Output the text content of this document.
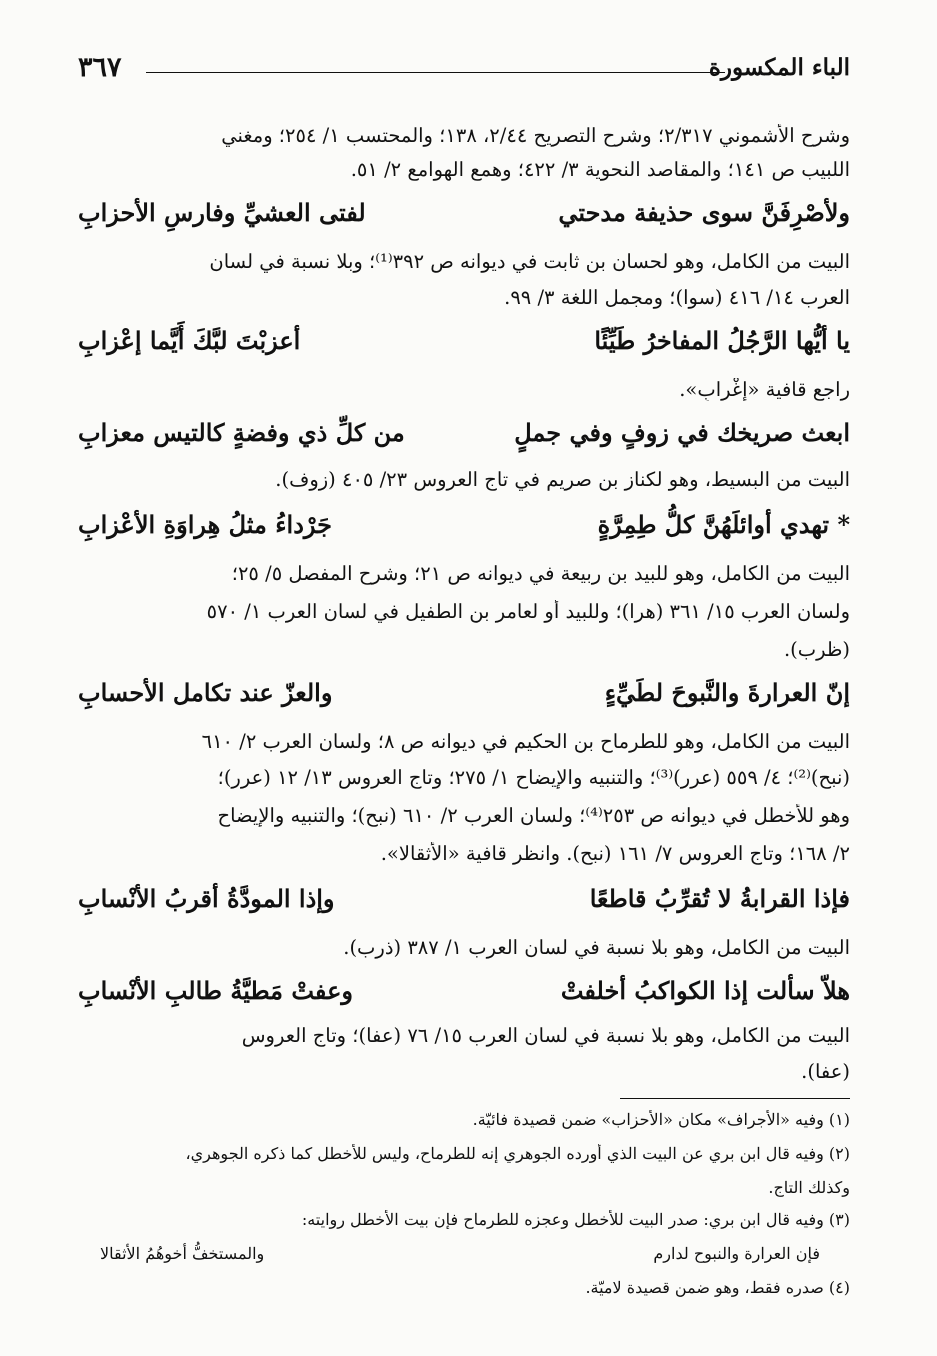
الباء المكسورة
٣٦٧
وشرح الأشموني ٢/٣١٧؛ وشرح التصريح ٢/٤٤، ١٣٨؛ والمحتسب ١/ ٢٥٤؛ ومغني
اللبيب ص ١٤١؛ والمقاصد النحوية ٣/ ٤٢٢؛ وهمع الهوامع ٢/ ٥١.
ولأصْرِفَنَّ سوى حذيفة مدحتي
لفتى العشيِّ وفارسِ الأحزابِ
البيت من الكامل، وهو لحسان بن ثابت في ديوانه ص ٣٩٢⁽¹⁾؛ وبلا نسبة في لسان
العرب ١٤/ ٤١٦ (سوا)؛ ومجمل اللغة ٣/ ٩٩.
يا أيُّها الرَّجُلُ المفاخرُ طَيِّئًا
أعزبْتَ لبَّكَ أَيَّما إعْزابِ
راجع قافية «إغْرابِ».
ابعث صريخك في زوفٍ وفي جملٍ
من كلِّ ذي وفضةٍ كالتيس معزابِ
البيت من البسيط، وهو لكناز بن صريم في تاج العروس ٢٣/ ٤٠٥ (زوف).
* تهدي أوائلَهُنَّ كلُّ طِمِرَّةٍ
جَرْداءُ مثلُ هِراوَةِ الأعْزابِ
البيت من الكامل، وهو للبيد بن ربيعة في ديوانه ص ٢١؛ وشرح المفصل ٥/ ٢٥؛
ولسان العرب ١٥/ ٣٦١ (هرا)؛ وللبيد أو لعامر بن الطفيل في لسان العرب ١/ ٥٧٠
(ظرب).
إنّ العرارةَ والنَّبوحَ لطَيِّءٍ
والعزّ عند تكامل الأحسابِ
البيت من الكامل، وهو للطرماح بن الحكيم في ديوانه ص ٨؛ ولسان العرب ٢/ ٦١٠
(نبح)⁽²⁾؛ ٤/ ٥٥٩ (عرر)⁽³⁾؛ والتنبيه والإيضاح ١/ ٢٧٥؛ وتاج العروس ١٣/ ١٢ (عرر)؛
وهو للأخطل في ديوانه ص ٢٥٣⁽⁴⁾؛ ولسان العرب ٢/ ٦١٠ (نبح)؛ والتنبيه والإيضاح
٢/ ١٦٨؛ وتاج العروس ٧/ ١٦١ (نبح). وانظر قافية «الأثقالا».
فإذا القرابةُ لا تُقرِّبُ قاطعًا
وإذا المودَّةُ أقربُ الأنْسابِ
البيت من الكامل، وهو بلا نسبة في لسان العرب ١/ ٣٨٧ (ذرب).
هلاّ سألت إذا الكواكبُ أخلفتْ
وعفتْ مَطيَّةُ طالبِ الأنْسابِ
البيت من الكامل، وهو بلا نسبة في لسان العرب ١٥/ ٧٦ (عفا)؛ وتاج العروس
(عفا).
(١) وفيه «الأجراف» مكان «الأحزاب» ضمن قصيدة فائيّة.
(٢) وفيه قال ابن بري عن البيت الذي أورده الجوهري إنه للطرماح، وليس للأخطل كما ذكره الجوهري،
وكذلك التاج.
(٣) وفيه قال ابن بري: صدر البيت للأخطل وعجزه للطرماح فإن بيت الأخطل روايته:
فإن العرارة والنبوح لدارم
والمستخفُّ أخوهُمُ الأثقالا
(٤) صدره فقط، وهو ضمن قصيدة لاميّة.
